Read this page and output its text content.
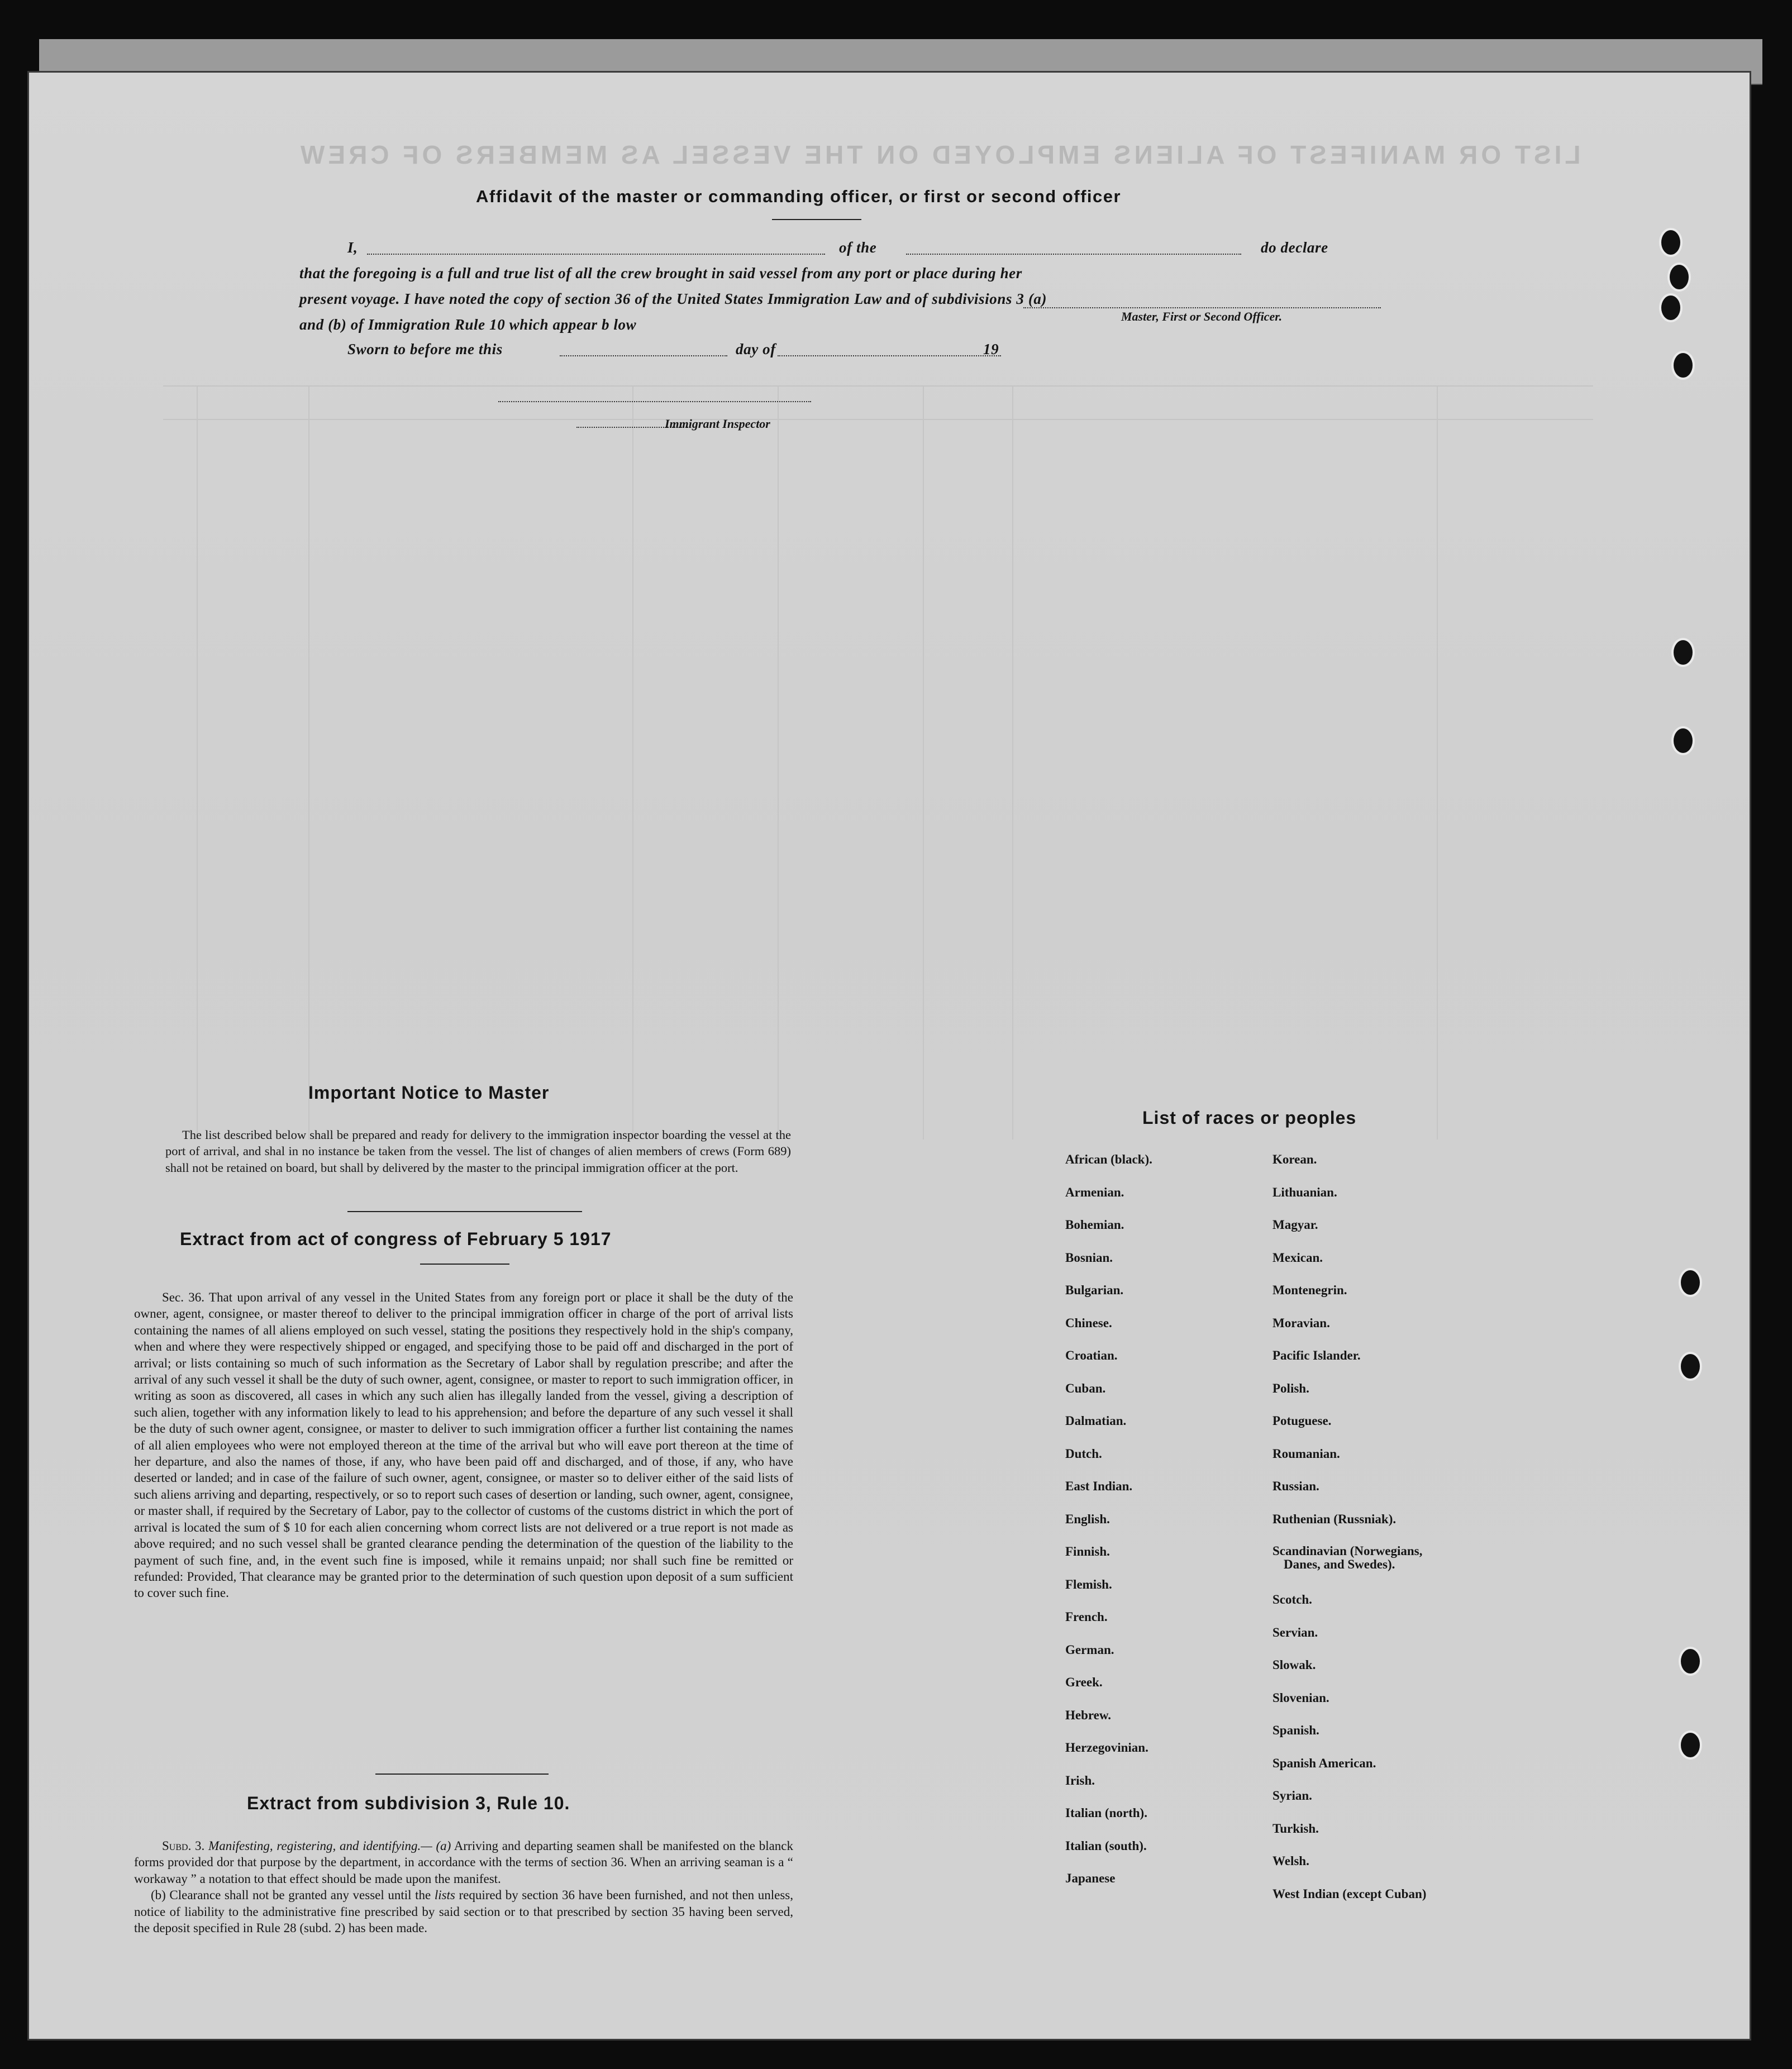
LIST OR MANIFEST OF ALIENS EMPLOYED ON THE VESSEL AS MEMBERS OF CREW
Affidavit of the master or commanding officer, or first or second officer
I,	of the	do declare
that the foregoing is a full and true list of all the crew brought in said vessel from any port or place during her
present voyage. I have noted the copy of section 36 of the United States Immigration Law and of subdivisions 3 (a)
and (b) of Immigration Rule 10 which appear b low	Master, First or Second Officer.
Sworn to before me this	day of	19
Immigrant Inspector
Important Notice to Master
The list described below shall be prepared and ready for delivery to the immigration inspector boarding the vessel at the port of arrival, and shal in no instance be taken from the vessel. The list of changes of alien members of crews (Form 689) shall not be retained on board, but shall by delivered by the master to the principal immigration officer at the port.
Extract from act of congress of February 5 1917
Sec. 36. That upon arrival of any vessel in the United States from any foreign port or place it shall be the duty of the owner, agent, consignee, or master thereof to deliver to the principal immigration officer in charge of the port of arrival lists containing the names of all aliens employed on such vessel, stating the positions they respectively hold in the ship's company, when and where they were respectively shipped or engaged, and specifying those to be paid off and discharged in the port of arrival; or lists containing so much of such information as the Secretary of Labor shall by regulation prescribe; and after the arrival of any such vessel it shall be the duty of such owner, agent, consignee, or master to report to such immigration officer, in writing as soon as discovered, all cases in which any such alien has illegally landed from the vessel, giving a description of such alien, together with any information likely to lead to his apprehension; and before the departure of any such vessel it shall be the duty of such owner agent, consignee, or master to deliver to such immigration officer a further list containing the names of all alien employees who were not employed thereon at the time of the arrival but who will eave port thereon at the time of her departure, and also the names of those, if any, who have been paid off and discharged, and of those, if any, who have deserted or landed; and in case of the failure of such owner, agent, consignee, or master so to deliver either of the said lists of such aliens arriving and departing, respectively, or so to report such cases of desertion or landing, such owner, agent, consignee, or master shall, if required by the Secretary of Labor, pay to the collector of customs of the customs district in which the port of arrival is located the sum of $ 10 for each alien concerning whom correct lists are not delivered or a true report is not made as above required; and no such vessel shall be granted clearance pending the determination of the question of the liability to the payment of such fine, and, in the event such fine is imposed, while it remains unpaid; nor shall such fine be remitted or refunded: Provided, That clearance may be granted prior to the determination of such question upon deposit of a sum sufficient to cover such fine.
Extract from subdivision 3, Rule 10.

Subd. 3. Manifesting, registering, and identifying.— (a) Arriving and departing seamen shall be manifested on the blanck forms provided dor that purpose by the department, in accordance with the terms of section 36. When an arriving seaman is a “ workaway ” a notation to that effect should be made upon the manifest.

(b) Clearance shall not be granted any vessel until the lists required by section 36 have been furnished, and not then unless, notice of liability to the administrative fine prescribed by said section or to that prescribed by section 35 having been served, the deposit specified in Rule 28 (subd. 2) has been made.

List of races or peoples
African (black).
Armenian.
Bohemian.
Bosnian.
Bulgarian.
Chinese.
Croatian.
Cuban.
Dalmatian.
Dutch.
East Indian.
English.
Finnish.
Flemish.
French.
German.
Greek.
Hebrew.
Herzegovinian.
Irish.
Italian (north).
Italian (south).
Japanese
Korean.
Lithuanian.
Magyar.
Mexican.
Montenegrin.
Moravian.
Pacific Islander.
Polish.
Potuguese.
Roumanian.
Russian.
Ruthenian (Russniak).
Scandinavian (Norwegians,
Danes, and Swedes).
Scotch.
Servian.
Slowak.
Slovenian.
Spanish.
Spanish American.
Syrian.
Turkish.
Welsh.
West Indian (except Cuban)
